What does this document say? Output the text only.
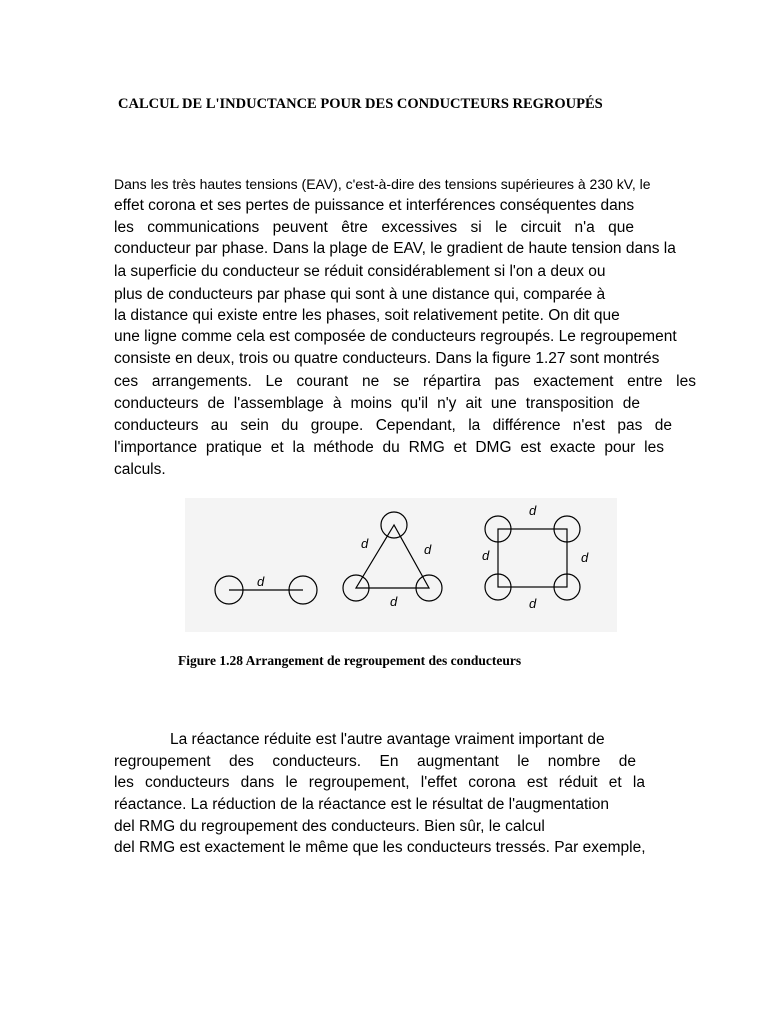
CALCUL DE L'INDUCTANCE POUR DES CONDUCTEURS REGROUPÉS
Dans les très hautes tensions (EAV), c'est-à-dire des tensions supérieures à 230 kV, le
effet corona et ses pertes de puissance et interférences conséquentes dans
les communications peuvent être excessives si le circuit n'a que
conducteur par phase. Dans la plage de EAV, le gradient de haute tension dans la
la superficie du conducteur se réduit considérablement si l'on a deux ou
plus de conducteurs par phase qui sont à une distance qui, comparée à
la distance qui existe entre les phases, soit relativement petite. On dit que
une ligne comme cela est composée de conducteurs regroupés. Le regroupement
consiste en deux, trois ou quatre conducteurs. Dans la figure 1.27 sont montrés
ces arrangements. Le courant ne se répartira pas exactement entre les
conducteurs de l'assemblage à moins qu'il n'y ait une transposition de
conducteurs au sein du groupe. Cependant, la différence n'est pas de
l'importance pratique et la méthode du RMG et DMG est exacte pour les
calculs.
d
d	d
d
d
d	d
d
Figure 1.28 Arrangement de regroupement des conducteurs
La réactance réduite est l'autre avantage vraiment important de
regroupement des conducteurs. En augmentant le nombre de
les conducteurs dans le regroupement, l'effet corona est réduit et la
réactance. La réduction de la réactance est le résultat de l'augmentation
del RMG du regroupement des conducteurs. Bien sûr, le calcul
del RMG est exactement le même que les conducteurs tressés. Par exemple,
